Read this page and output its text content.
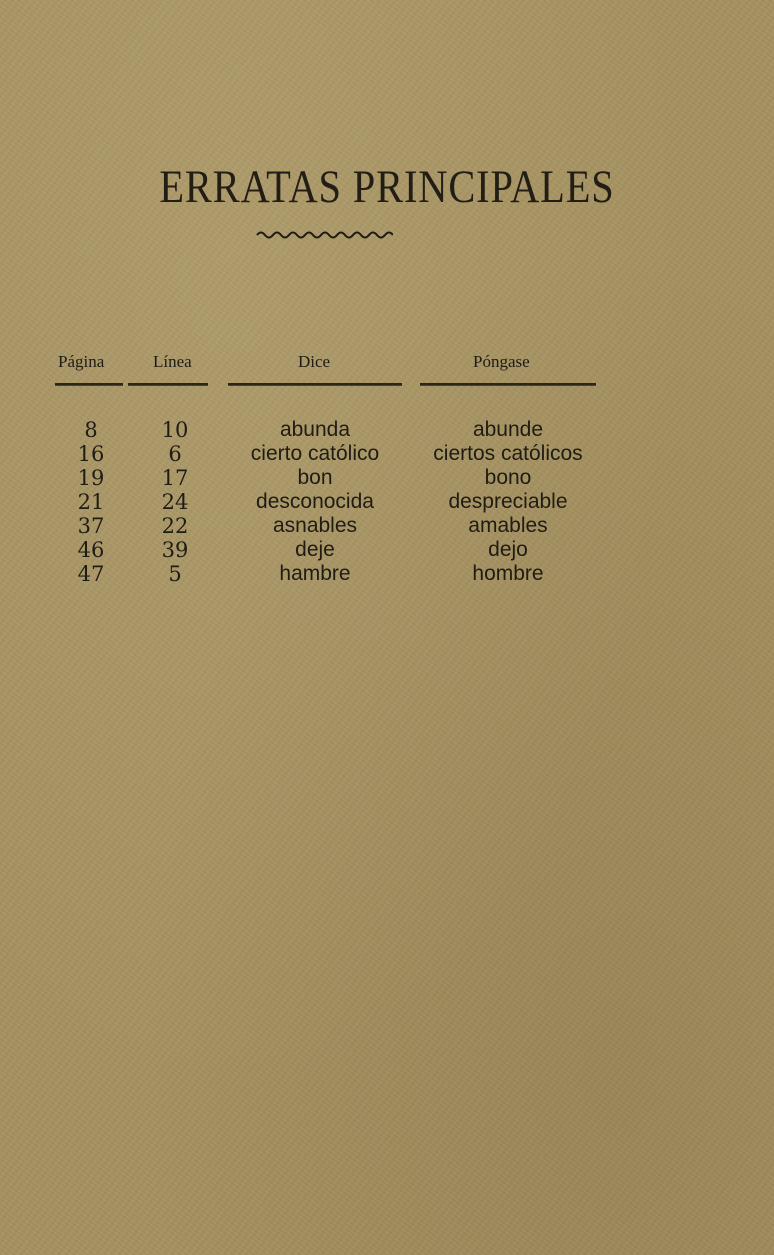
ERRATAS PRINCIPALES
Página	Línea	Dice	Póngase
8	10	abunda	abunde
16	6	cierto católico	ciertos católicos
19	17	bon	bono
21	24	desconocida	despreciable
37	22	asnables	amables
46	39	deje	dejo
47	5	hambre	hombre
